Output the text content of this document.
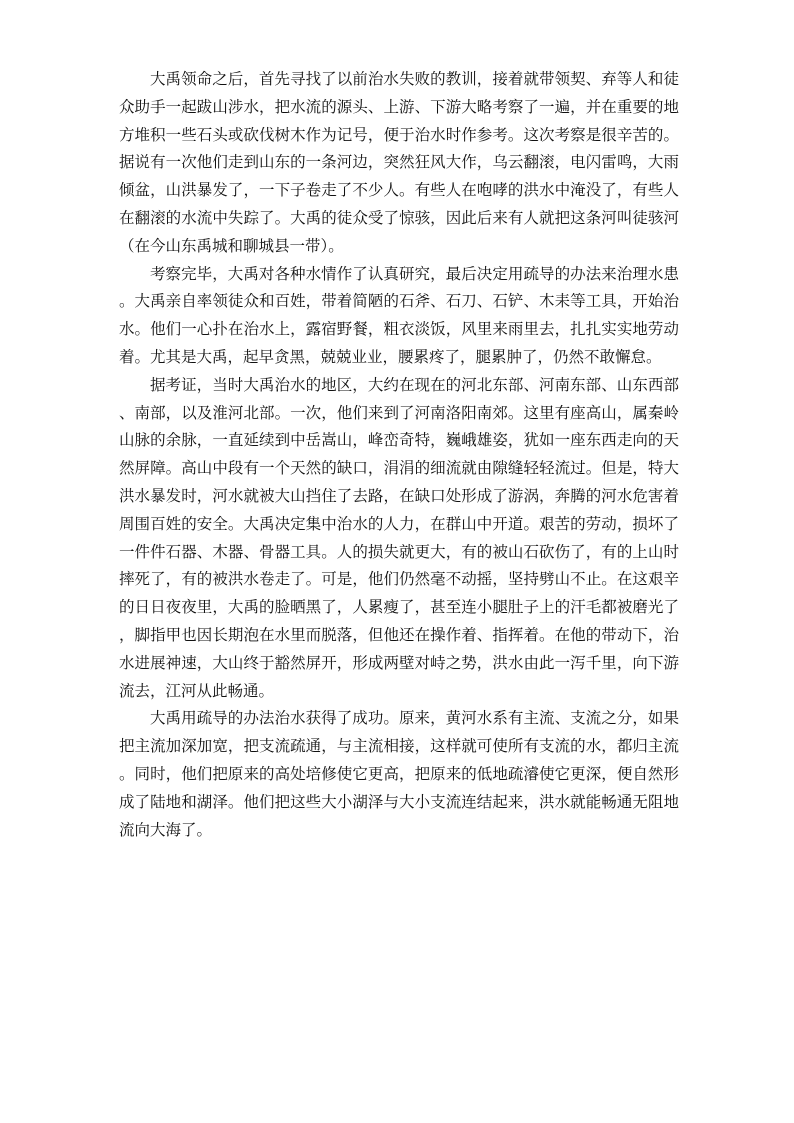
大禹领命之后，首先寻找了以前治水失败的教训，接着就带领契、弃等人和徒众助手一起跋山涉水，把水流的源头、上游、下游大略考察了一遍，并在重要的地方堆积一些石头或砍伐树木作为记号，便于治水时作参考。这次考察是很辛苦的。据说有一次他们走到山东的一条河边，突然狂风大作，乌云翻滚，电闪雷鸣，大雨倾盆，山洪暴发了，一下子卷走了不少人。有些人在咆哮的洪水中淹没了，有些人在翻滚的水流中失踪了。大禹的徒众受了惊骇，因此后来有人就把这条河叫徒骇河（在今山东禹城和聊城县一带）。

考察完毕，大禹对各种水情作了认真研究，最后决定用疏导的办法来治理水患。大禹亲自率领徒众和百姓，带着简陋的石斧、石刀、石铲、木耒等工具，开始治水。他们一心扑在治水上，露宿野餐，粗衣淡饭，风里来雨里去，扎扎实实地劳动着。尤其是大禹，起早贪黑，兢兢业业，腰累疼了，腿累肿了，仍然不敢懈怠。

据考证，当时大禹治水的地区，大约在现在的河北东部、河南东部、山东西部、南部，以及淮河北部。一次，他们来到了河南洛阳南郊。这里有座高山，属秦岭山脉的余脉，一直延续到中岳嵩山，峰峦奇特，巍峨雄姿，犹如一座东西走向的天然屏障。高山中段有一个天然的缺口，涓涓的细流就由隙缝轻轻流过。但是，特大洪水暴发时，河水就被大山挡住了去路，在缺口处形成了游涡，奔腾的河水危害着周围百姓的安全。大禹决定集中治水的人力，在群山中开道。艰苦的劳动，损坏了一件件石器、木器、骨器工具。人的损失就更大，有的被山石砍伤了，有的上山时摔死了，有的被洪水卷走了。可是，他们仍然毫不动摇，坚持劈山不止。在这艰辛的日日夜夜里，大禹的脸晒黑了，人累瘦了，甚至连小腿肚子上的汗毛都被磨光了，脚指甲也因长期泡在水里而脱落，但他还在操作着、指挥着。在他的带动下，治水进展神速，大山终于豁然屏开，形成两壁对峙之势，洪水由此一泻千里，向下游流去，江河从此畅通。

大禹用疏导的办法治水获得了成功。原来，黄河水系有主流、支流之分，如果把主流加深加宽，把支流疏通，与主流相接，这样就可使所有支流的水，都归主流。同时，他们把原来的高处培修使它更高，把原来的低地疏濬使它更深，便自然形成了陆地和湖泽。他们把这些大小湖泽与大小支流连结起来，洪水就能畅通无阻地流向大海了。
